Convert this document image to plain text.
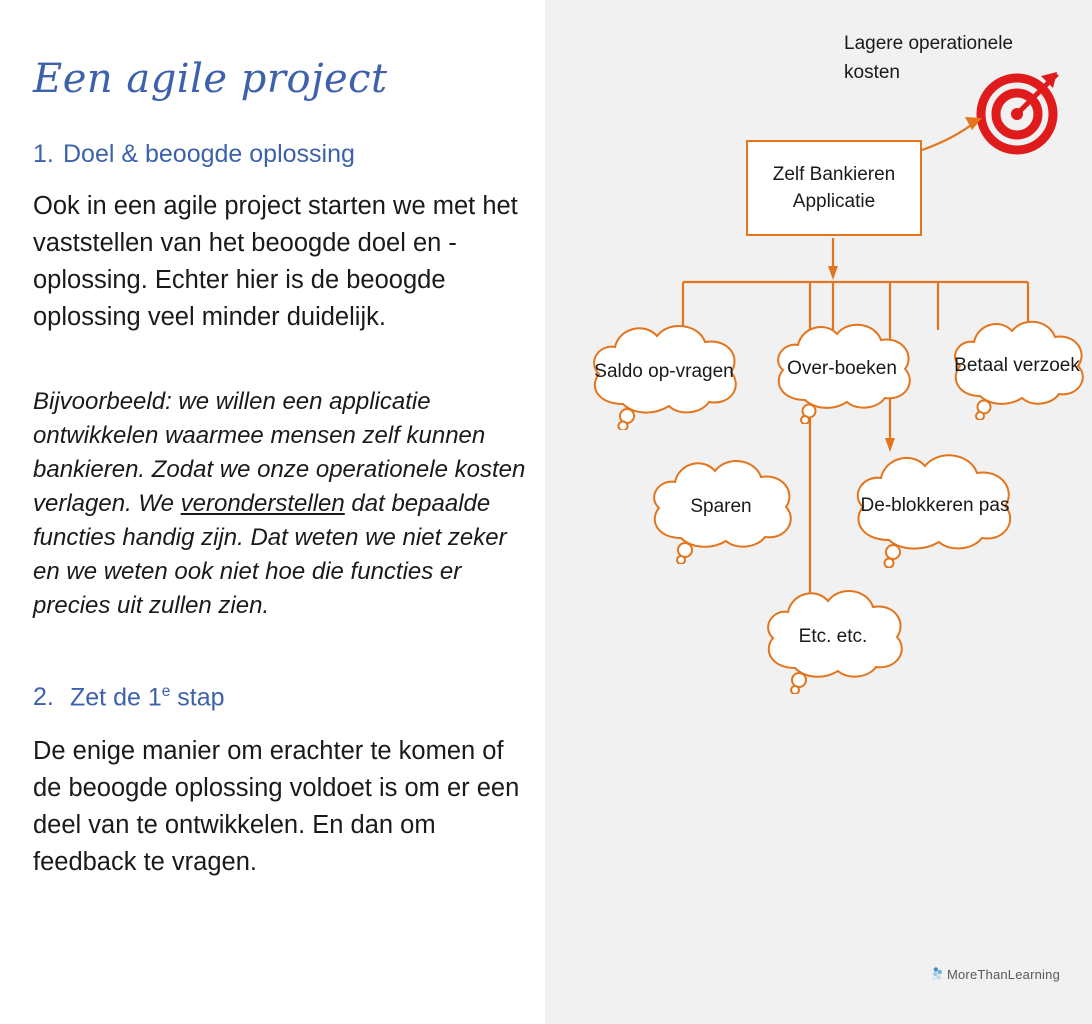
Een agile project
1. Doel & beoogde oplossing
Ook in een agile project starten we met het vaststellen van het beoogde doel en - oplossing. Echter hier is de beoogde oplossing veel minder duidelijk.
Bijvoorbeeld: we willen een applicatie ontwikkelen waarmee mensen zelf kunnen bankieren. Zodat we onze operationele kosten verlagen. We veronderstellen dat bepaalde functies handig zijn. Dat weten we niet zeker en we weten ook niet hoe die functies er precies uit zullen zien.
2. Zet de 1e stap
De enige manier om erachter te komen of de beoogde oplossing voldoet is om er een deel van te ontwikkelen. En dan om feedback te vragen.
Lagere operationele kosten
Zelf Bankieren Applicatie
Saldo op-vragen	Over-boeken	Betaal verzoek
Sparen	De-blokkeren pas
Etc. etc.
MoreThanLearning
